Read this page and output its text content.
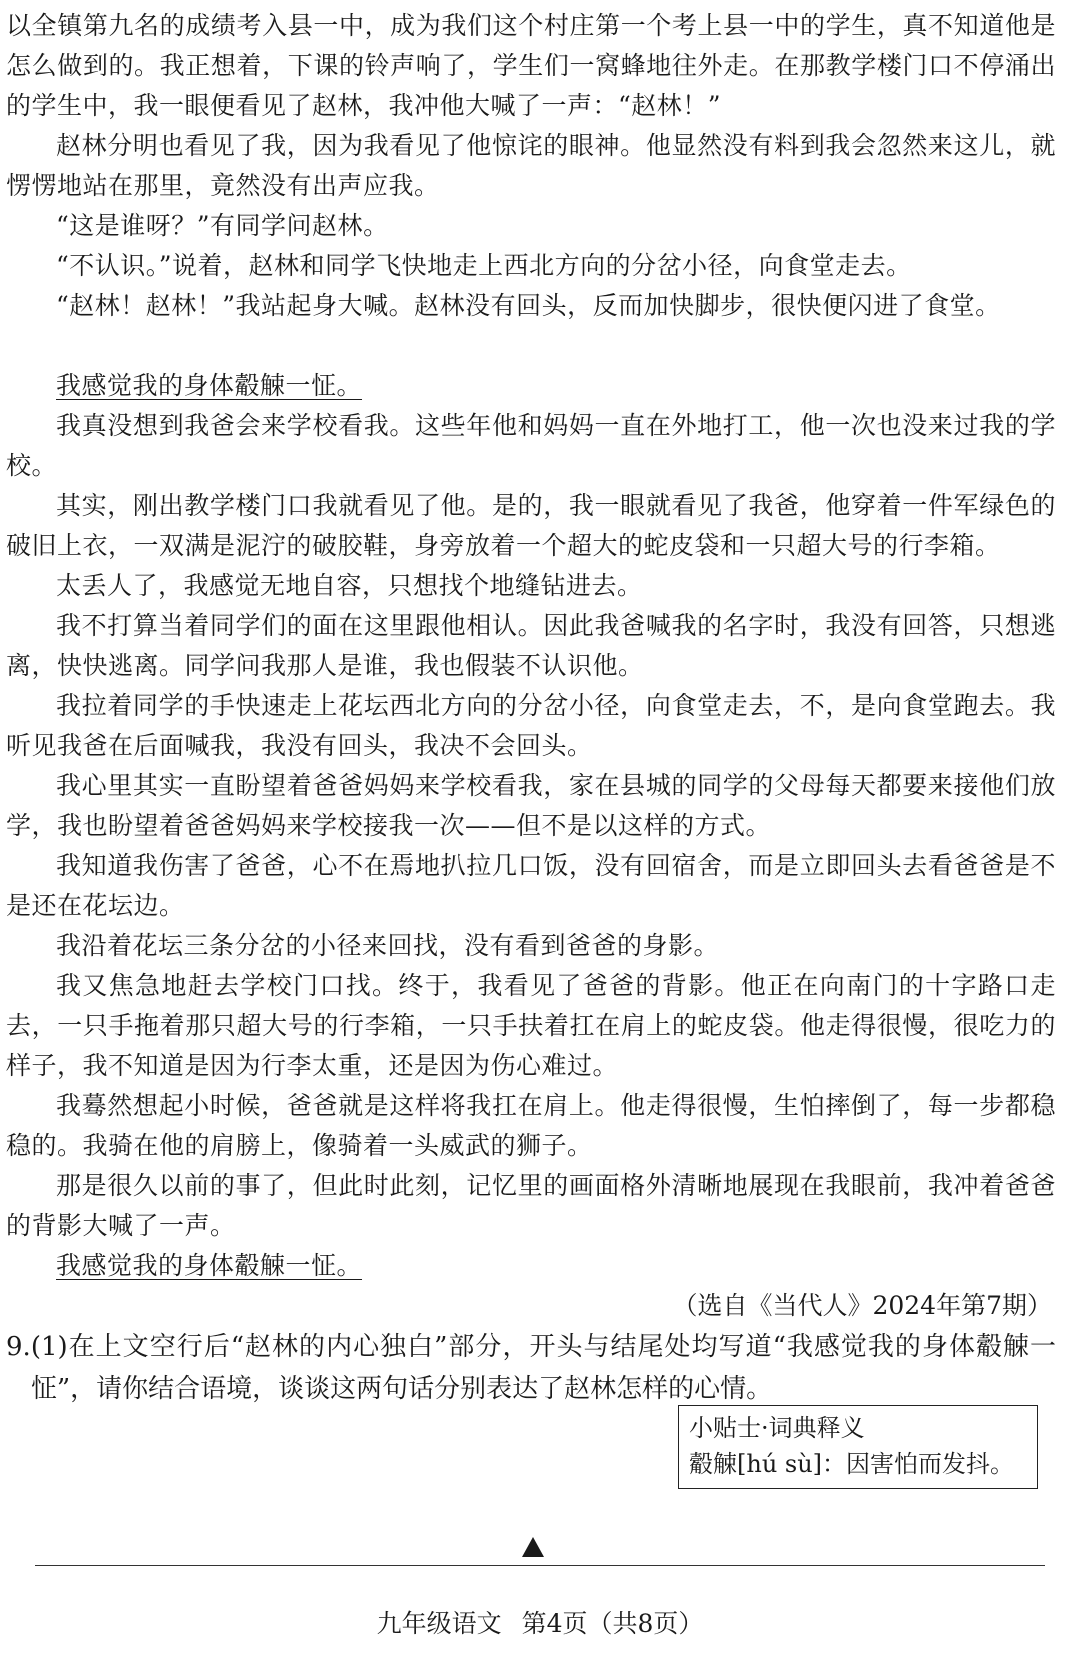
以全镇第九名的成绩考入县一中，成为我们这个村庄第一个考上县一中的学生，真不知道他是怎么做到的。我正想着，下课的铃声响了，学生们一窝蜂地往外走。在那教学楼门口不停涌出的学生中，我一眼便看见了赵林，我冲他大喊了一声：“赵林！”

赵林分明也看见了我，因为我看见了他惊诧的眼神。他显然没有料到我会忽然来这儿，就愣愣地站在那里，竟然没有出声应我。

“这是谁呀？”有同学问赵林。

“不认识。”说着，赵林和同学飞快地走上西北方向的分岔小径，向食堂走去。

“赵林！赵林！”我站起身大喊。赵林没有回头，反而加快脚步，很快便闪进了食堂。

我感觉我的身体觳觫一怔。

我真没想到我爸会来学校看我。这些年他和妈妈一直在外地打工，他一次也没来过我的学校。

其实，刚出教学楼门口我就看见了他。是的，我一眼就看见了我爸，他穿着一件军绿色的破旧上衣，一双满是泥泞的破胶鞋，身旁放着一个超大的蛇皮袋和一只超大号的行李箱。

太丢人了，我感觉无地自容，只想找个地缝钻进去。

我不打算当着同学们的面在这里跟他相认。因此我爸喊我的名字时，我没有回答，只想逃离，快快逃离。同学问我那人是谁，我也假装不认识他。

我拉着同学的手快速走上花坛西北方向的分岔小径，向食堂走去，不，是向食堂跑去。我听见我爸在后面喊我，我没有回头，我决不会回头。

我心里其实一直盼望着爸爸妈妈来学校看我，家在县城的同学的父母每天都要来接他们放学，我也盼望着爸爸妈妈来学校接我一次——但不是以这样的方式。

我知道我伤害了爸爸，心不在焉地扒拉几口饭，没有回宿舍，而是立即回头去看爸爸是不是还在花坛边。

我沿着花坛三条分岔的小径来回找，没有看到爸爸的身影。

我又焦急地赶去学校门口找。终于，我看见了爸爸的背影。他正在向南门的十字路口走去，一只手拖着那只超大号的行李箱，一只手扶着扛在肩上的蛇皮袋。他走得很慢，很吃力的样子，我不知道是因为行李太重，还是因为伤心难过。

我蓦然想起小时候，爸爸就是这样将我扛在肩上。他走得很慢，生怕摔倒了，每一步都稳稳的。我骑在他的肩膀上，像骑着一头威武的狮子。

那是很久以前的事了，但此时此刻，记忆里的画面格外清晰地展现在我眼前，我冲着爸爸的背影大喊了一声。

我感觉我的身体觳觫一怔。

（选自《当代人》2024年第7期）

9. (1)在上文空行后“赵林的内心独白”部分，开头与结尾处均写道“我感觉我的身体觳觫一怔”，请你结合语境，谈谈这两句话分别表达了赵林怎样的心情。

小贴士·词典释义

觳觫[hú sù]：因害怕而发抖。

九年级语文 第4页（共8页）
